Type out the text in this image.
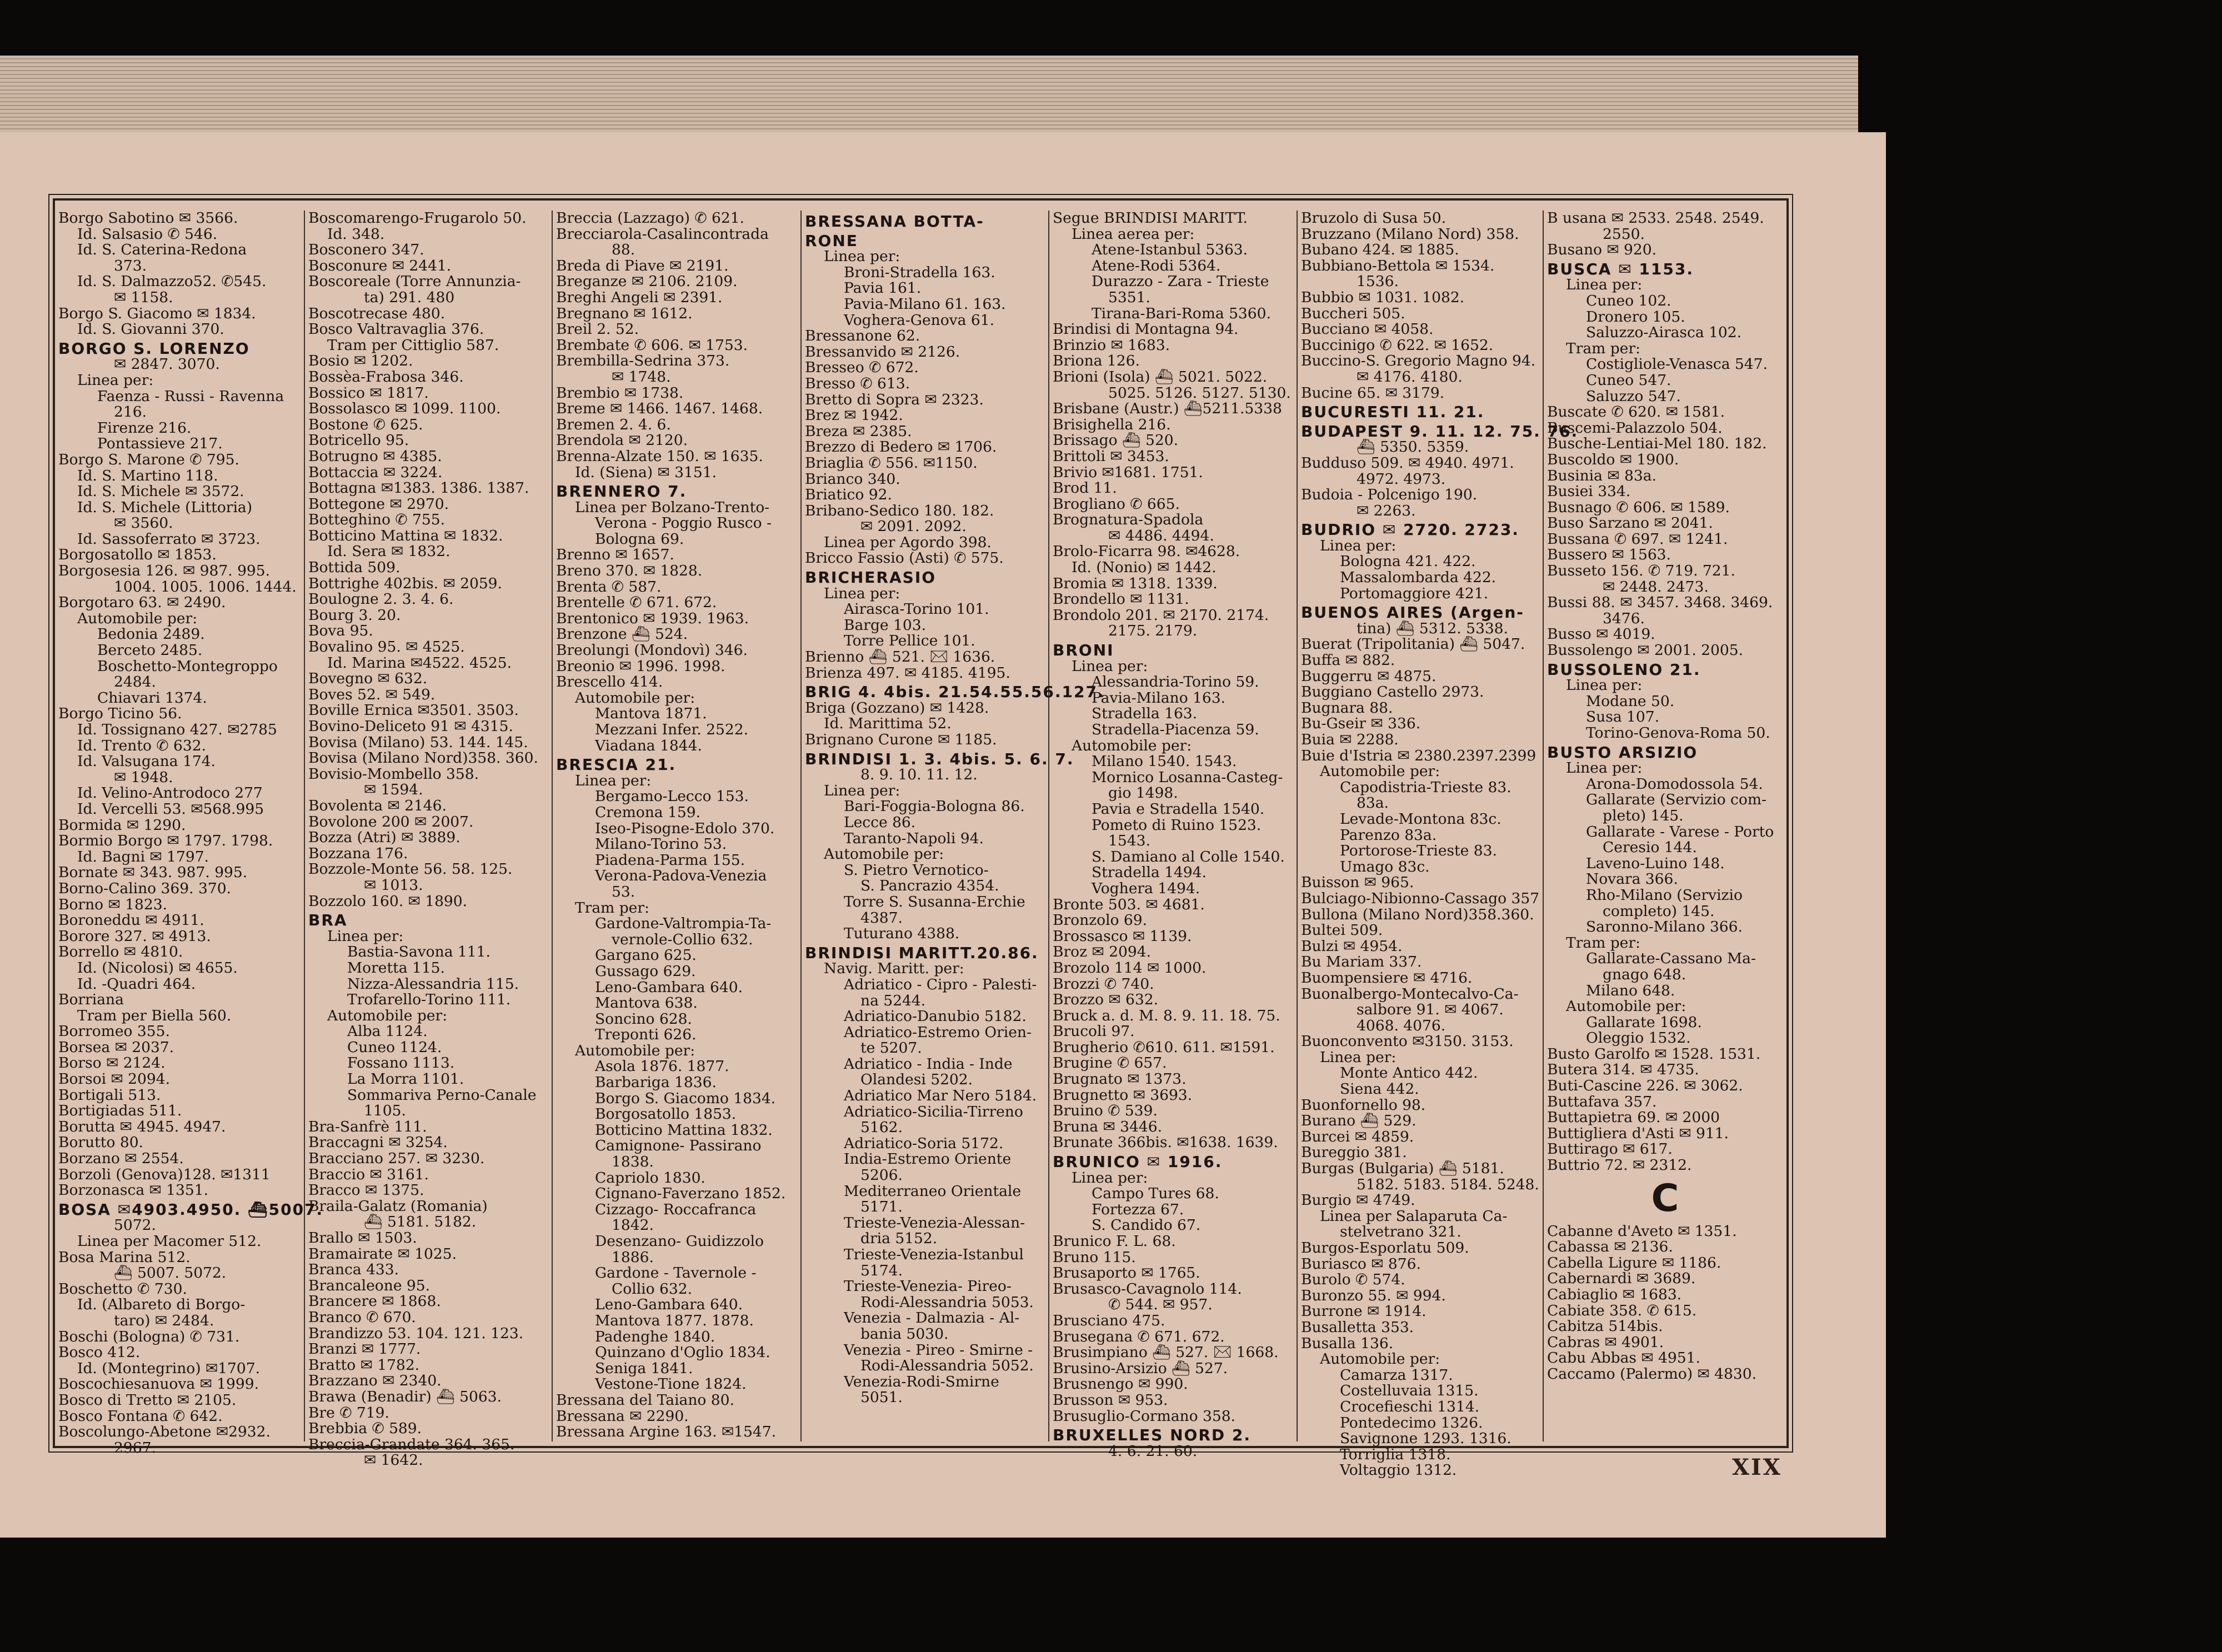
Borgo Sabotino ✉ 3566.
Id. Salsasio ✆ 546.
Id. S. Caterina-Redona
373.
Id. S. Dalmazzo52. ✆545.
✉ 1158.
Borgo S. Giacomo ✉ 1834.
Id. S. Giovanni 370.
BORGO S. LORENZO
✉ 2847. 3070.
Linea per:
Faenza - Russi - Ravenna
216.
Firenze 216.
Pontassieve 217.
Borgo S. Marone ✆ 795.
Id. S. Martino 118.
Id. S. Michele ✉ 3572.
Id. S. Michele (Littoria)
✉ 3560.
Id. Sassoferrato ✉ 3723.
Borgosatollo ✉ 1853.
Borgosesia 126. ✉ 987. 995.
1004. 1005. 1006. 1444.
Borgotaro 63. ✉ 2490.
Automobile per:
Bedonia 2489.
Berceto 2485.
Boschetto-Montegroppo
2484.
Chiavari 1374.
Borgo Ticino 56.
Id. Tossignano 427. ✉2785
Id. Trento ✆ 632.
Id. Valsugana 174.
✉ 1948.
Id. Velino-Antrodoco 277
Id. Vercelli 53. ✉568.995
Bormida ✉ 1290.
Bormio Borgo ✉ 1797. 1798.
Id. Bagni ✉ 1797.
Bornate ✉ 343. 987. 995.
Borno-Calino 369. 370.
Borno ✉ 1823.
Boroneddu ✉ 4911.
Borore 327. ✉ 4913.
Borrello ✉ 4810.
Id. (Nicolosi) ✉ 4655.
Id. -Quadri 464.
Borriana
Tram per Biella 560.
Borromeo 355.
Borsea ✉ 2037.
Borso ✉ 2124.
Borsoi ✉ 2094.
Bortigali 513.
Bortigiadas 511.
Borutta ✉ 4945. 4947.
Borutto 80.
Borzano ✉ 2554.
Borzoli (Genova)128. ✉1311
Borzonasca ✉ 1351.
BOSA ✉4903.4950. ⛴5007.
5072.
Linea per Macomer 512.
Bosa Marina 512.
⛴ 5007. 5072.
Boschetto ✆ 730.
Id. (Albareto di Borgo-
taro) ✉ 2484.
Boschi (Bologna) ✆ 731.
Bosco 412.
Id. (Montegrino) ✉1707.
Boscochiesanuova ✉ 1999.
Bosco di Tretto ✉ 2105.
Bosco Fontana ✆ 642.
Boscolungo-Abetone ✉2932.
2967.
Boscomarengo-Frugarolo 50.
Id. 348.
Bosconero 347.
Bosconure ✉ 2441.
Boscoreale (Torre Annunzia-
ta) 291. 480
Boscotrecase 480.
Bosco Valtravaglia 376.
Tram per Cittiglio 587.
Bosio ✉ 1202.
Bossèa-Frabosa 346.
Bossico ✉ 1817.
Bossolasco ✉ 1099. 1100.
Bostone ✆ 625.
Botricello 95.
Botrugno ✉ 4385.
Bottaccia ✉ 3224.
Bottagna ✉1383. 1386. 1387.
Bottegone ✉ 2970.
Botteghino ✆ 755.
Botticino Mattina ✉ 1832.
Id. Sera ✉ 1832.
Bottida 509.
Bottrighe 402bis. ✉ 2059.
Boulogne 2. 3. 4. 6.
Bourg 3. 20.
Bova 95.
Bovalino 95. ✉ 4525.
Id. Marina ✉4522. 4525.
Bovegno ✉ 632.
Boves 52. ✉ 549.
Boville Ernica ✉3501. 3503.
Bovino-Deliceto 91 ✉ 4315.
Bovisa (Milano) 53. 144. 145.
Bovisa (Milano Nord)358. 360.
Bovisio-Mombello 358.
✉ 1594.
Bovolenta ✉ 2146.
Bovolone 200 ✉ 2007.
Bozza (Atri) ✉ 3889.
Bozzana 176.
Bozzole-Monte 56. 58. 125.
✉ 1013.
Bozzolo 160. ✉ 1890.
BRA
Linea per:
Bastia-Savona 111.
Moretta 115.
Nizza-Alessandria 115.
Trofarello-Torino 111.
Automobile per:
Alba 1124.
Cuneo 1124.
Fossano 1113.
La Morra 1101.
Sommariva Perno-Canale
1105.
Bra-Sanfrè 111.
Braccagni ✉ 3254.
Bracciano 257. ✉ 3230.
Braccio ✉ 3161.
Bracco ✉ 1375.
Braila-Galatz (Romania)
⛴ 5181. 5182.
Brallo ✉ 1503.
Bramairate ✉ 1025.
Branca 433.
Brancaleone 95.
Brancere ✉ 1868.
Branco ✆ 670.
Brandizzo 53. 104. 121. 123.
Branzi ✉ 1777.
Bratto ✉ 1782.
Brazzano ✉ 2340.
Brawa (Benadir) ⛴ 5063.
Bre ✆ 719.
Brebbia ✆ 589.
Breccia-Grandate 364. 365.
✉ 1642.
Breccia (Lazzago) ✆ 621.
Brecciarola-Casalincontrada
88.
Breda di Piave ✉ 2191.
Breganze ✉ 2106. 2109.
Breghi Angeli ✉ 2391.
Bregnano ✉ 1612.
Breil 2. 52.
Brembate ✆ 606. ✉ 1753.
Brembilla-Sedrina 373.
✉ 1748.
Brembio ✉ 1738.
Breme ✉ 1466. 1467. 1468.
Bremen 2. 4. 6.
Brendola ✉ 2120.
Brenna-Alzate 150. ✉ 1635.
Id. (Siena) ✉ 3151.
BRENNERO 7.
Linea per Bolzano-Trento-
Verona - Poggio Rusco -
Bologna 69.
Brenno ✉ 1657.
Breno 370. ✉ 1828.
Brenta ✆ 587.
Brentelle ✆ 671. 672.
Brentonico ✉ 1939. 1963.
Brenzone ⛴ 524.
Breolungi (Mondovì) 346.
Breonio ✉ 1996. 1998.
Brescello 414.
Automobile per:
Mantova 1871.
Mezzani Infer. 2522.
Viadana 1844.
BRESCIA 21.
Linea per:
Bergamo-Lecco 153.
Cremona 159.
Iseo-Pisogne-Edolo 370.
Milano-Torino 53.
Piadena-Parma 155.
Verona-Padova-Venezia
53.
Tram per:
Gardone-Valtrompia-Ta-
vernole-Collio 632.
Gargano 625.
Gussago 629.
Leno-Gambara 640.
Mantova 638.
Soncino 628.
Treponti 626.
Automobile per:
Asola 1876. 1877.
Barbariga 1836.
Borgo S. Giacomo 1834.
Borgosatollo 1853.
Botticino Mattina 1832.
Camignone- Passirano
1838.
Capriolo 1830.
Cignano-Faverzano 1852.
Cizzago- Roccafranca
1842.
Desenzano- Guidizzolo
1886.
Gardone - Tavernole -
Collio 632.
Leno-Gambara 640.
Mantova 1877. 1878.
Padenghe 1840.
Quinzano d'Oglio 1834.
Seniga 1841.
Vestone-Tione 1824.
Bressana del Taiano 80.
Bressana ✉ 2290.
Bressana Argine 163. ✉1547.
BRESSANA BOTTA-
RONE
Linea per:
Broni-Stradella 163.
Pavia 161.
Pavia-Milano 61. 163.
Voghera-Genova 61.
Bressanone 62.
Bressanvido ✉ 2126.
Bresseo ✆ 672.
Bresso ✆ 613.
Bretto di Sopra ✉ 2323.
Brez ✉ 1942.
Breza ✉ 2385.
Brezzo di Bedero ✉ 1706.
Briaglia ✆ 556. ✉1150.
Brianco 340.
Briatico 92.
Bribano-Sedico 180. 182.
✉ 2091. 2092.
Linea per Agordo 398.
Bricco Fassio (Asti) ✆ 575.
BRICHERASIO
Linea per:
Airasca-Torino 101.
Barge 103.
Torre Pellice 101.
Brienno ⛴ 521. ✉ 1636.
Brienza 497. ✉ 4185. 4195.
BRIG 4. 4bis. 21.54.55.56.127.
Briga (Gozzano) ✉ 1428.
Id. Marittima 52.
Brignano Curone ✉ 1185.
BRINDISI 1. 3. 4bis. 5. 6. 7.
8. 9. 10. 11. 12.
Linea per:
Bari-Foggia-Bologna 86.
Lecce 86.
Taranto-Napoli 94.
Automobile per:
S. Pietro Vernotico-
S. Pancrazio 4354.
Torre S. Susanna-Erchie
4387.
Tuturano 4388.
BRINDISI MARITT.20.86.
Navig. Maritt. per:
Adriatico - Cipro - Palesti-
na 5244.
Adriatico-Danubio 5182.
Adriatico-Estremo Orien-
te 5207.
Adriatico - India - Inde
Olandesi 5202.
Adriatico Mar Nero 5184.
Adriatico-Sicilia-Tirreno
5162.
Adriatico-Soria 5172.
India-Estremo Oriente
5206.
Mediterraneo Orientale
5171.
Trieste-Venezia-Alessan-
dria 5152.
Trieste-Venezia-Istanbul
5174.
Trieste-Venezia- Pireo-
Rodi-Alessandria 5053.
Venezia - Dalmazia - Al-
bania 5030.
Venezia - Pireo - Smirne -
Rodi-Alessandria 5052.
Venezia-Rodi-Smirne
5051.
Segue BRINDISI MARITT.
Linea aerea per:
Atene-Istanbul 5363.
Atene-Rodi 5364.
Durazzo - Zara - Trieste
5351.
Tirana-Bari-Roma 5360.
Brindisi di Montagna 94.
Brinzio ✉ 1683.
Briona 126.
Brioni (Isola) ⛴ 5021. 5022.
5025. 5126. 5127. 5130.
Brisbane (Austr.) ⛴5211.5338
Brisighella 216.
Brissago ⛴ 520.
Brittoli ✉ 3453.
Brivio ✉1681. 1751.
Brod 11.
Brogliano ✆ 665.
Brognatura-Spadola
✉ 4486. 4494.
Brolo-Ficarra 98. ✉4628.
Id. (Nonio) ✉ 1442.
Bromia ✉ 1318. 1339.
Brondello ✉ 1131.
Brondolo 201. ✉ 2170. 2174.
2175. 2179.
BRONI
Linea per:
Alessandria-Torino 59.
Pavia-Milano 163.
Stradella 163.
Stradella-Piacenza 59.
Automobile per:
Milano 1540. 1543.
Mornico Losanna-Casteg-
gio 1498.
Pavia e Stradella 1540.
Pometo di Ruino 1523.
1543.
S. Damiano al Colle 1540.
Stradella 1494.
Voghera 1494.
Bronte 503. ✉ 4681.
Bronzolo 69.
Brossasco ✉ 1139.
Broz ✉ 2094.
Brozolo 114 ✉ 1000.
Brozzi ✆ 740.
Brozzo ✉ 632.
Bruck a. d. M. 8. 9. 11. 18. 75.
Brucoli 97.
Brugherio ✆610. 611. ✉1591.
Brugine ✆ 657.
Brugnato ✉ 1373.
Brugnetto ✉ 3693.
Bruino ✆ 539.
Bruna ✉ 3446.
Brunate 366bis. ✉1638. 1639.
BRUNICO ✉ 1916.
Linea per:
Campo Tures 68.
Fortezza 67.
S. Candido 67.
Brunico F. L. 68.
Bruno 115.
Brusaporto ✉ 1765.
Brusasco-Cavagnolo 114.
✆ 544. ✉ 957.
Brusciano 475.
Brusegana ✆ 671. 672.
Brusimpiano ⛴ 527. ✉ 1668.
Brusino-Arsizio ⛴ 527.
Brusnengo ✉ 990.
Brusson ✉ 953.
Brusuglio-Cormano 358.
BRUXELLES NORD 2.
4. 6. 21. 60.
Bruzolo di Susa 50.
Bruzzano (Milano Nord) 358.
Bubano 424. ✉ 1885.
Bubbiano-Bettola ✉ 1534.
1536.
Bubbio ✉ 1031. 1082.
Buccheri 505.
Bucciano ✉ 4058.
Buccinigo ✆ 622. ✉ 1652.
Buccino-S. Gregorio Magno 94.
✉ 4176. 4180.
Bucine 65. ✉ 3179.
BUCURESTI 11. 21.
BUDAPEST 9. 11. 12. 75. 76.
⛴ 5350. 5359.
Budduso 509. ✉ 4940. 4971.
4972. 4973.
Budoia - Polcenigo 190.
✉ 2263.
BUDRIO ✉ 2720. 2723.
Linea per:
Bologna 421. 422.
Massalombarda 422.
Portomaggiore 421.
BUENOS AIRES (Argen-
tina) ⛴ 5312. 5338.
Buerat (Tripolitania) ⛴ 5047.
Buffa ✉ 882.
Buggerru ✉ 4875.
Buggiano Castello 2973.
Bugnara 88.
Bu-Gseir ✉ 336.
Buia ✉ 2288.
Buie d'Istria ✉ 2380.2397.2399
Automobile per:
Capodistria-Trieste 83.
83a.
Levade-Montona 83c.
Parenzo 83a.
Portorose-Trieste 83.
Umago 83c.
Buisson ✉ 965.
Bulciago-Nibionno-Cassago 357
Bullona (Milano Nord)358.360.
Bultei 509.
Bulzi ✉ 4954.
Bu Mariam 337.
Buompensiere ✉ 4716.
Buonalbergo-Montecalvo-Ca-
salbore 91. ✉ 4067.
4068. 4076.
Buonconvento ✉3150. 3153.
Linea per:
Monte Antico 442.
Siena 442.
Buonfornello 98.
Burano ⛴ 529.
Burcei ✉ 4859.
Bureggio 381.
Burgas (Bulgaria) ⛴ 5181.
5182. 5183. 5184. 5248.
Burgio ✉ 4749.
Linea per Salaparuta Ca-
stelvetrano 321.
Burgos-Esporlatu 509.
Buriasco ✉ 876.
Burolo ✆ 574.
Buronzo 55. ✉ 994.
Burrone ✉ 1914.
Busalletta 353.
Busalla 136.
Automobile per:
Camarza 1317.
Costelluvaia 1315.
Crocefieschi 1314.
Pontedecimo 1326.
Savignone 1293. 1316.
Torriglia 1318.
Voltaggio 1312.
B usana ✉ 2533. 2548. 2549.
2550.
Busano ✉ 920.
BUSCA ✉ 1153.
Linea per:
Cuneo 102.
Dronero 105.
Saluzzo-Airasca 102.
Tram per:
Costigliole-Venasca 547.
Cuneo 547.
Saluzzo 547.
Buscate ✆ 620. ✉ 1581.
Buscemi-Palazzolo 504.
Busche-Lentiai-Mel 180. 182.
Buscoldo ✉ 1900.
Businia ✉ 83a.
Busiei 334.
Busnago ✆ 606. ✉ 1589.
Buso Sarzano ✉ 2041.
Bussana ✆ 697. ✉ 1241.
Bussero ✉ 1563.
Busseto 156. ✆ 719. 721.
✉ 2448. 2473.
Bussi 88. ✉ 3457. 3468. 3469.
3476.
Busso ✉ 4019.
Bussolengo ✉ 2001. 2005.
BUSSOLENO 21.
Linea per:
Modane 50.
Susa 107.
Torino-Genova-Roma 50.
BUSTO ARSIZIO
Linea per:
Arona-Domodossola 54.
Gallarate (Servizio com-
pleto) 145.
Gallarate - Varese - Porto
Ceresio 144.
Laveno-Luino 148.
Novara 366.
Rho-Milano (Servizio
completo) 145.
Saronno-Milano 366.
Tram per:
Gallarate-Cassano Ma-
gnago 648.
Milano 648.
Automobile per:
Gallarate 1698.
Oleggio 1532.
Busto Garolfo ✉ 1528. 1531.
Butera 314. ✉ 4735.
Buti-Cascine 226. ✉ 3062.
Buttafava 357.
Buttapietra 69. ✉ 2000
Buttigliera d'Asti ✉ 911.
Buttirago ✉ 617.
Buttrio 72. ✉ 2312.
C
Cabanne d'Aveto ✉ 1351.
Cabassa ✉ 2136.
Cabella Ligure ✉ 1186.
Cabernardi ✉ 3689.
Cabiaglio ✉ 1683.
Cabiate 358. ✆ 615.
Cabitza 514bis.
Cabras ✉ 4901.
Cabu Abbas ✉ 4951.
Caccamo (Palermo) ✉ 4830.
XIX
